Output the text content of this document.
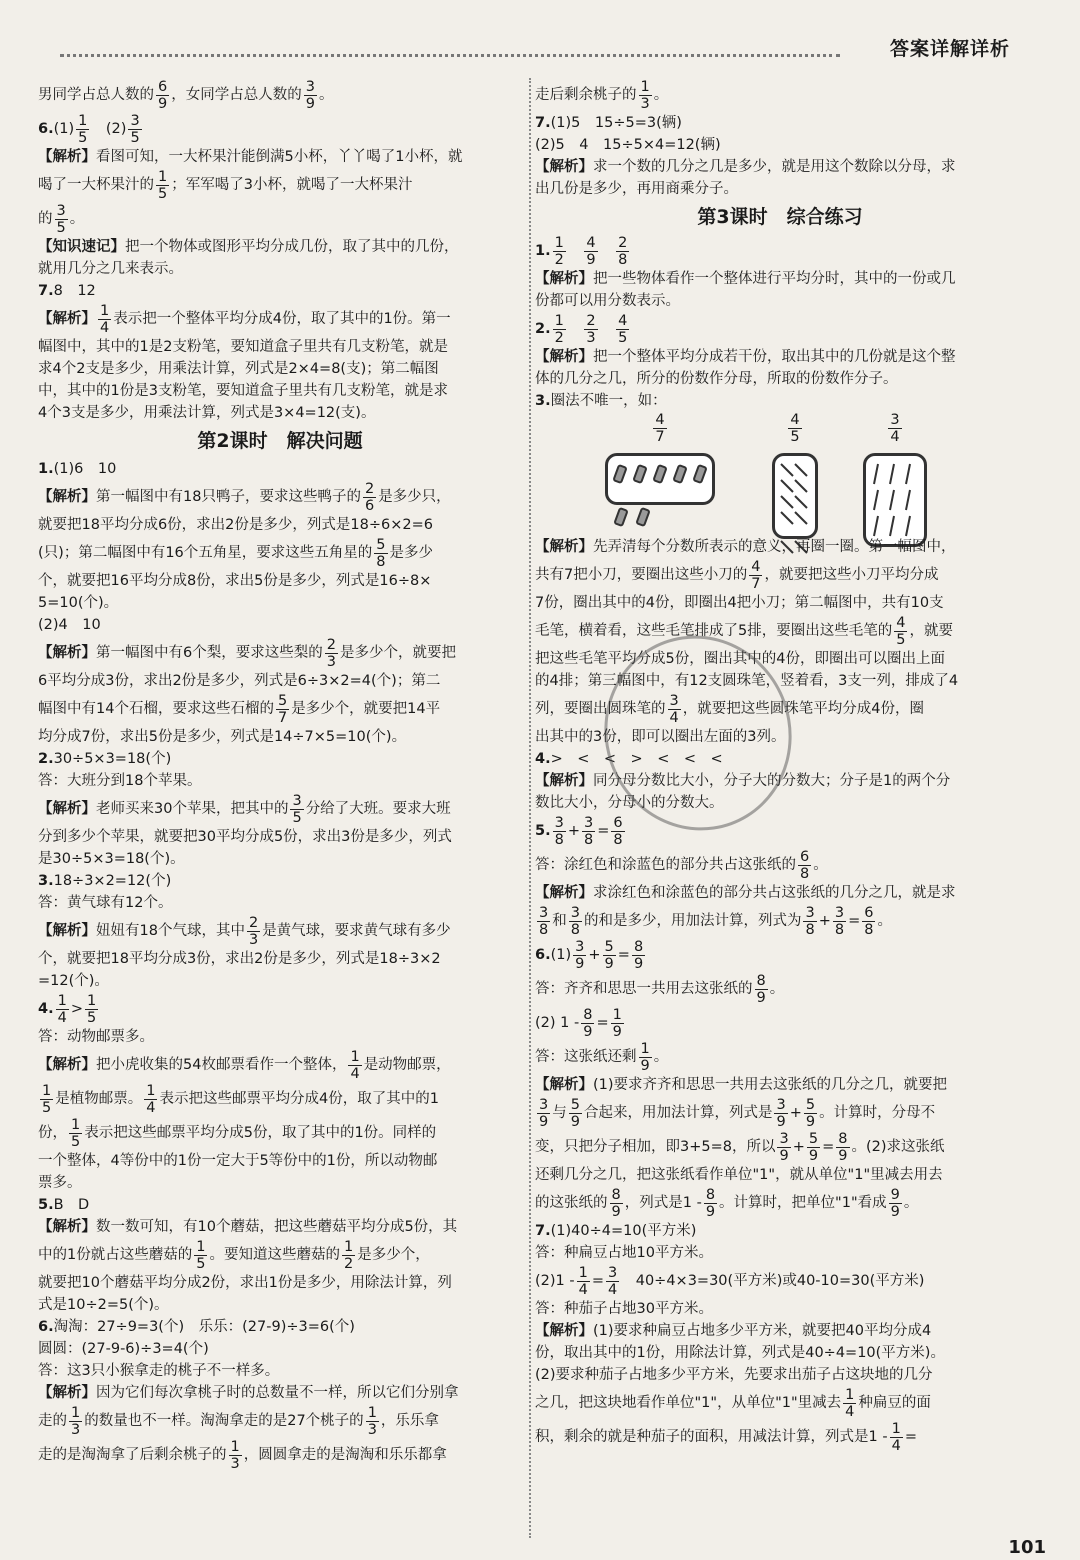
答案详解详析
男同学占总人数的 $\frac{6}{9}$ ，女同学占总人数的 $\frac{3}{9}$ 。
$6.(1) \frac{1}{5}$
　 $(2) \frac{3}{5}$
【解析】看图可知，一大杯果汁能倒满5小杯，丫丫喝了1小杯，就
喝了一大杯果汁的 $\frac{1}{5}$ ；军军喝了3小杯，就喝了一大杯果汁
的 $\frac{3}{5}$ 。
【知识速记】把一个物体或图形平均分成几份，取了其中的几份，
就用几分之几来表示。
7.8　12
【解析】 $\frac{1}{4}$ 表示把一个整体平均分成4份，取了其中的1份。第一
幅图中，其中的1是2支粉笔，要知道盒子里共有几支粉笔，就是
求4个2支是多少，用乘法计算，列式是2×4=8(支)；第二幅图
中，其中的1份是3支粉笔，要知道盒子里共有几支粉笔，就是求
4个3支是多少，用乘法计算，列式是3×4=12(支)。
第2课时　解决问题
1.(1)6　10
【解析】第一幅图中有18只鸭子，要求这些鸭子的 $\frac{2}{6}$ 是多少只，
就要把18平均分成6份，求出2份是多少，列式是18÷6×2=6
(只)；第二幅图中有16个五角星，要求这些五角星的 $\frac{5}{8}$ 是多少
个，就要把16平均分成8份，求出5份是多少，列式是16÷8×
5=10(个)。
(2)4　10
【解析】第一幅图中有6个梨，要求这些梨的 $\frac{2}{3}$ 是多少个，就要把
6平均分成3份，求出2份是多少，列式是6÷3×2=4(个)；第二
幅图中有14个石榴，要求这些石榴的 $\frac{5}{7}$ 是多少个，就要把14平
均分成7份，求出5份是多少，列式是14÷7×5=10(个)。
2.30÷5×3=18(个)
答：大班分到18个苹果。
【解析】老师买来30个苹果，把其中的 $\frac{3}{5}$ 分给了大班。要求大班
分到多少个苹果，就要把30平均分成5份，求出3份是多少，列式
是30÷5×3=18(个)。
3.18÷3×2=12(个)
答：黄气球有12个。
【解析】妞妞有18个气球，其中 $\frac{2}{3}$ 是黄气球，要求黄气球有多少
个，就要把18平均分成3份，求出2份是多少，列式是18÷3×2
=12(个)。
4. $\frac{1}{4} > \frac{1}{5}$
答：动物邮票多。
【解析】把小虎收集的54枚邮票看作一个整体， $\frac{1}{4}$ 是动物邮票，
$\frac{1}{5}$ 是植物邮票。 $\frac{1}{4}$ 表示把这些邮票平均分成4份，取了其中的1
份， $\frac{1}{5}$ 表示把这些邮票平均分成5份，取了其中的1份。同样的
一个整体，4等份中的1份一定大于5等份中的1份，所以动物邮
票多。
5.B　D
【解析】数一数可知，有10个蘑菇，把这些蘑菇平均分成5份，其
中的1份就占这些蘑菇的 $\frac{1}{5}$ 。要知道这些蘑菇的 $\frac{1}{2}$ 是多少个，
就要把10个蘑菇平均分成2份，求出1份是多少，用除法计算，列
式是10÷2=5(个)。
6.淘淘：27÷9=3(个)　乐乐：(27-9)÷3=6(个)
圆圆：(27-9-6)÷3=4(个)
答：这3只小猴拿走的桃子不一样多。
【解析】因为它们每次拿桃子时的总数量不一样，所以它们分别拿
走的 $\frac{1}{3}$ 的数量也不一样。淘淘拿走的是27个桃子的 $\frac{1}{3}$ ，乐乐拿
走的是淘淘拿了后剩余桃子的 $\frac{1}{3}$ ，圆圆拿走的是淘淘和乐乐都拿
走后剩余桃子的 $\frac{1}{3}$ 。
7.(1)5　15÷5=3(辆)
(2)5　4　15÷5×4=12(辆)
【解析】求一个数的几分之几是多少，就是用这个数除以分母，求
出几份是多少，再用商乘分子。
第3课时　综合练习
1. $\frac{1}{2}$
　 $\frac{4}{9}$
　 $\frac{2}{8}$
【解析】把一些物体看作一个整体进行平均分时，其中的一份或几
份都可以用分数表示。
2. $\frac{1}{2}$
　 $\frac{2}{3}$
　 $\frac{4}{5}$
【解析】把一个整体平均分成若干份，取出其中的几份就是这个整
体的几分之几，所分的份数作分母，所取的份数作分子。
3.圈法不唯一，如：
$\frac{4}{7}$	$\frac{4}{5}$	$\frac{3}{4}$
【解析】先弄清每个分数所表示的意义，再圈一圈。第一幅图中，
共有7把小刀，要圈出这些小刀的 $\frac{4}{7}$ ，就要把这些小刀平均分成
7份，圈出其中的4份，即圈出4把小刀；第二幅图中，共有10支
毛笔，横着看，这些毛笔排成了5排，要圈出这些毛笔的 $\frac{4}{5}$ ，就要
把这些毛笔平均分成5份，圈出其中的4份，即圈出可以圈出上面
的4排；第三幅图中，有12支圆珠笔，竖着看，3支一列，排成了4
列，要圈出圆珠笔的 $\frac{3}{4}$ ，就要把这些圆珠笔平均分成4份，圈
出其中的3份，即可以圈出左面的3列。
4.>　<　<　>　<　<　<
【解析】同分母分数比大小，分子大的分数大；分子是1的两个分
数比大小，分母小的分数大。
5. $\frac{3}{8} + \frac{3}{8} = \frac{6}{8}$
答：涂红色和涂蓝色的部分共占这张纸的 $\frac{6}{8}$ 。
【解析】求涂红色和涂蓝色的部分共占这张纸的几分之几，就是求
$\frac{3}{8}$ 和 $\frac{3}{8}$ 的和是多少，用加法计算，列式为 $\frac{3}{8} + \frac{3}{8} = \frac{6}{8}$ 。
$6.(1) \frac{3}{9} + \frac{5}{9} = \frac{8}{9}$
答：齐齐和思思一共用去这张纸的 $\frac{8}{9}$ 。
(2) $1 - \frac{8}{9} = \frac{1}{9}$
答：这张纸还剩 $\frac{1}{9}$ 。
【解析】(1)要求齐齐和思思一共用去这张纸的几分之几，就要把
$\frac{3}{9}$ 与 $\frac{5}{9}$ 合起来，用加法计算，列式是 $\frac{3}{9} + \frac{5}{9}$ 。计算时，分母不
变，只把分子相加，即3+5=8，所以 $\frac{3}{9} + \frac{5}{9} = \frac{8}{9}$ 。(2)求这张纸
还剩几分之几，把这张纸看作单位"1"，就从单位"1"里减去用去
的这张纸的 $\frac{8}{9}$ ，列式是$1 - \frac{8}{9}$ 。计算时，把单位"1"看成 $\frac{9}{9}$ 。
7.(1)40÷4=10(平方米)
答：种扁豆占地10平方米。
$(2)1 - \frac{1}{4} = \frac{3}{4}$
　 40÷4×3=30(平方米)或40-10=30(平方米)
答：种茄子占地30平方米。
【解析】(1)要求种扁豆占地多少平方米，就要把40平均分成4
份，取出其中的1份，用除法计算，列式是40÷4=10(平方米)。
(2)要求种茄子占地多少平方米，先要求出茄子占这块地的几分
之几，把这块地看作单位"1"，从单位"1"里减去 $\frac{1}{4}$ 种扁豆的面
积，剩余的就是种茄子的面积，用减法计算，列式是$1 - \frac{1}{4}$ =
101
